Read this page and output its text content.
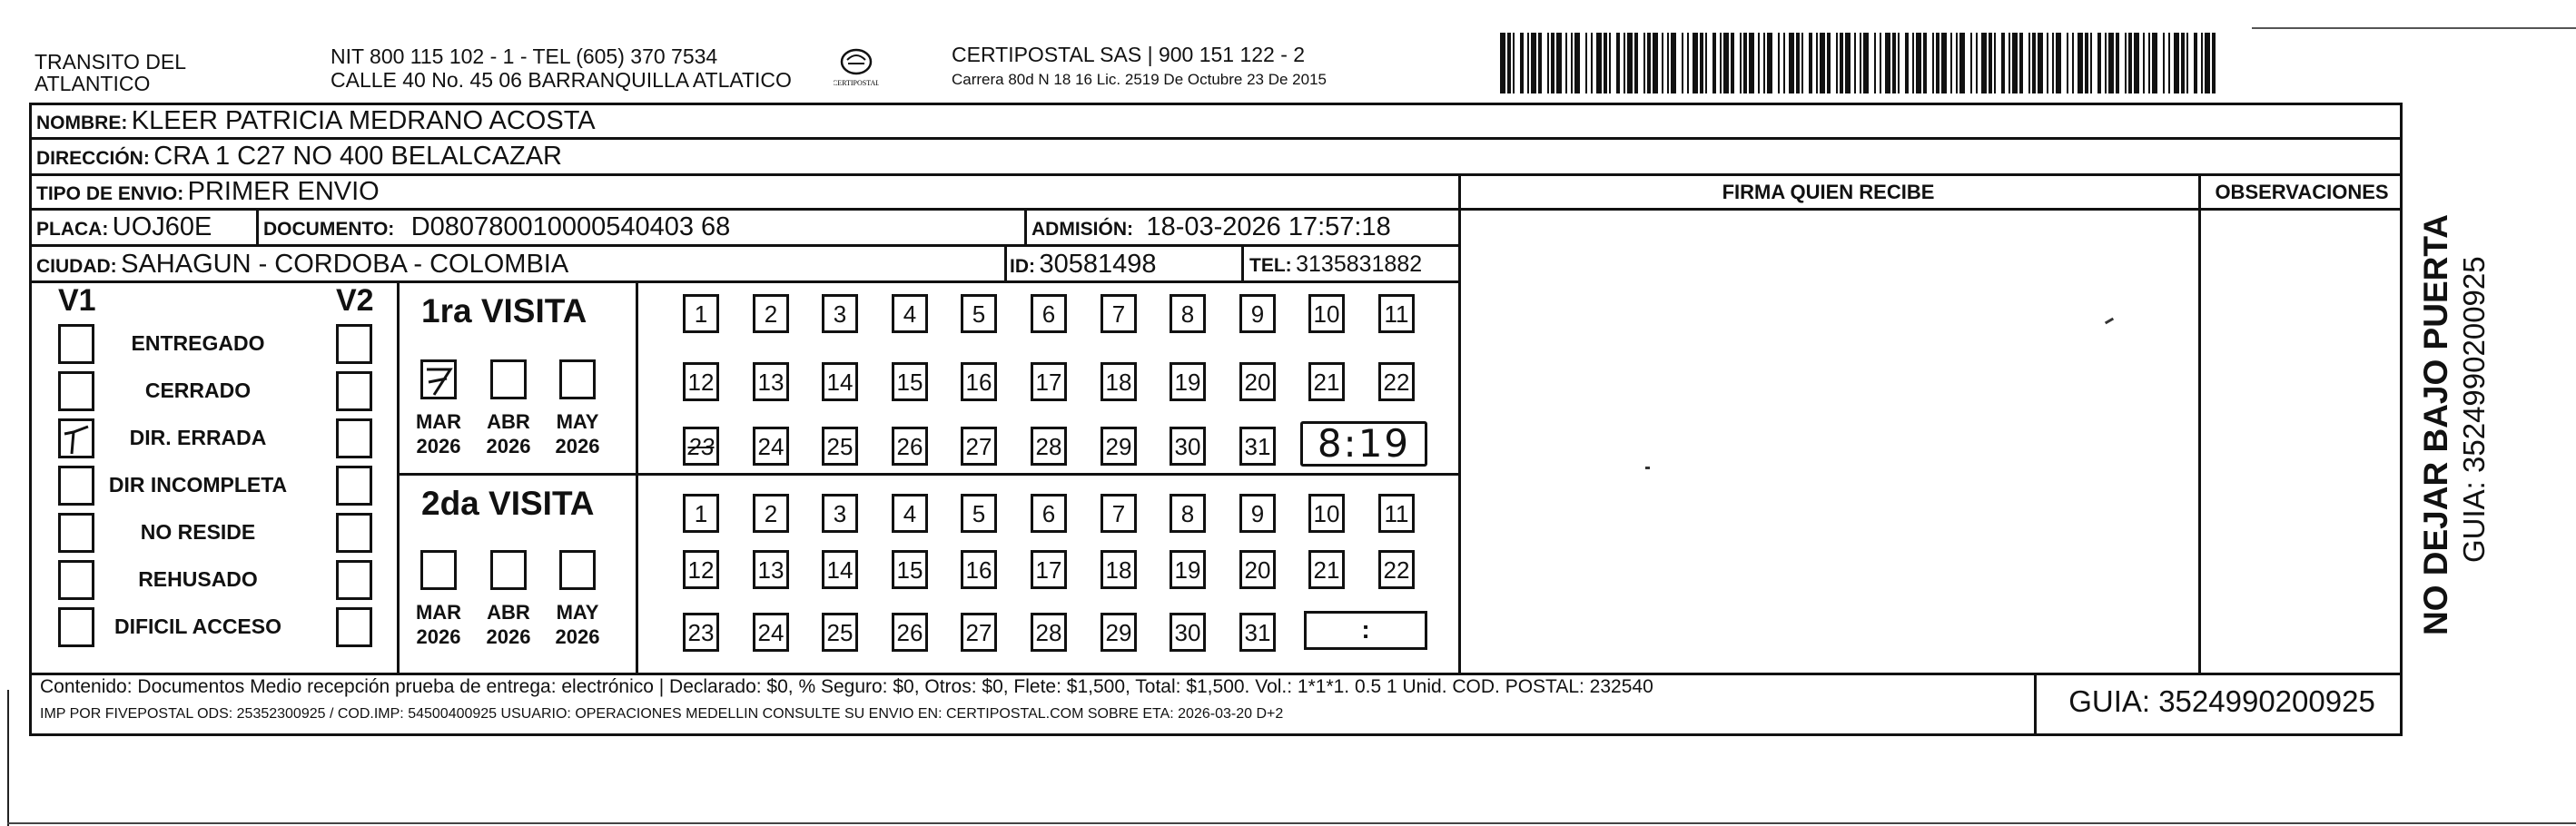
TRANSITO DEL
ATLANTICO
NIT 800 115 102 - 1 - TEL (605) 370 7534
CALLE 40 No. 45 06 BARRANQUILLA ATLATICO	CERTIPOSTAL
CERTIPOSTAL SAS | 900 151 122 - 2
Carrera 80d N 18 16 Lic. 2519 De Octubre 23 De 2015
NOMBRE: KLEER PATRICIA MEDRANO ACOSTA
DIRECCIÓN: CRA 1 C27 NO 400 BELALCAZAR
TIPO DE ENVIO: PRIMER ENVIO	FIRMA QUIEN RECIBE	OBSERVACIONES
PLACA: UOJ60E	DOCUMENTO: D080780010000540403 68	ADMISIÓN: 18-03-2026 17:57:18
CIUDAD: SAHAGUN - CORDOBA - COLOMBIA	ID: 30581498	TEL: 3135831882
V1	V2
ENTREGADO
CERRADO
DIR. ERRADA
DIR INCOMPLETA
NO RESIDE
REHUSADO
DIFICIL ACCESO
1ra VISITA
MAR
2026
ABR
2026
MAY
2026
1	2	3	4	5	6	7	8	9	10 11
12 13 14 15 16 17 18 19 20 21 22
23 24 25 26 27 28 29 30 31	8:19
2da VISITA
MAR
2026
ABR
2026
MAY
2026
1	2	3	4	5	6	7	8	9	10 11
12 13 14 15 16 17 18 19 20 21 22
23 24 25 26 27 28 29 30 31	:
Contenido: Documentos Medio recepción prueba de entrega: electrónico | Declarado: $0, % Seguro: $0, Otros: $0, Flete: $1,500, Total: $1,500. Vol.: 1*1*1. 0.5 1 Unid. COD. POSTAL: 232540
IMP POR FIVEPOSTAL ODS: 25352300925 / COD.IMP: 54500400925 USUARIO: OPERACIONES MEDELLIN CONSULTE SU ENVIO EN: CERTIPOSTAL.COM SOBRE ETA: 2026-03-20 D+2	GUIA: 3524990200925
NO DEJAR BAJO PUERTA GUIA: 3524990200925
